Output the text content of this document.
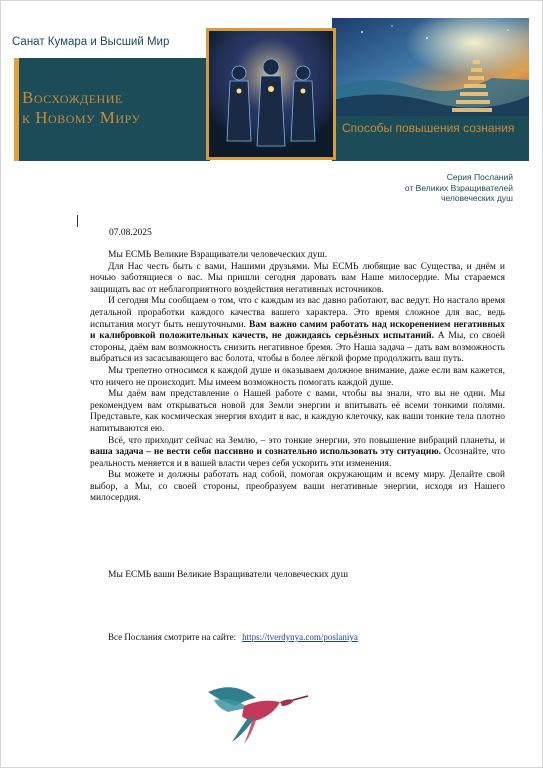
Санат Кумара и Высший Мир
Восхождение
к Новому Миру
Способы повышения сознания
Серия Посланий
от Великих Взращивателей
человеческих душ
07.08.2025

Мы ЕСМЬ Великие Взращиватели человеческих душ.

Для Нас честь быть с вами, Нашими друзьями. Мы ЕСМЬ любящие вас Существа, и днём и ночью заботящиеся о вас. Мы пришли сегодня даровать вам Наше милосердие. Мы стараемся защищать вас от неблагоприятного воздействия негативных источников.

И сегодня Мы сообщаем о том, что с каждым из вас давно работают, вас ведут. Но настало время детальной проработки каждого качества вашего характера. Это время сложное для вас, ведь испытания могут быть нешуточными. Вам важно самим работать над искоренением негативных и калибровкой положительных качеств, не дожидаясь серьёзных испытаний. А Мы, со своей стороны, даём вам возможность снизить негативное бремя. Это Наша задача – дать вам возможность выбраться из засасывающего вас болота, чтобы в более лёгкой форме продолжить ваш путь.

Мы трепетно относимся к каждой душе и оказываем должное внимание, даже если вам кажется, что ничего не происходит. Мы имеем возможность помогать каждой душе.

Мы даём вам представление о Нашей работе с вами, чтобы вы знали, что вы не одни. Мы рекомендуем вам открываться новой для Земли энергии и впитывать её всеми тонкими полями. Представьте, как космическая энергия входит в вас, в каждую клеточку, как ваши тонкие тела плотно напитываются ею.

Всё, что приходит сейчас на Землю, – это тонкие энергии, это повышение вибраций планеты, и ваша задача – не вести себя пассивно и сознательно использовать эту ситуацию. Осознайте, что реальность меняется и в вашей власти через себя ускорить эти изменения.

Вы можете и должны работать над собой, помогая окружающим и всему миру. Делайте свой выбор, а Мы, со своей стороны, преобразуем ваши негативные энергии, исходя из Нашего милосердия.

Мы ЕСМЬ ваши Великие Взращиватели человеческих душ
Все Послания смотрите на сайте: https://tverdynya.com/poslaniya
